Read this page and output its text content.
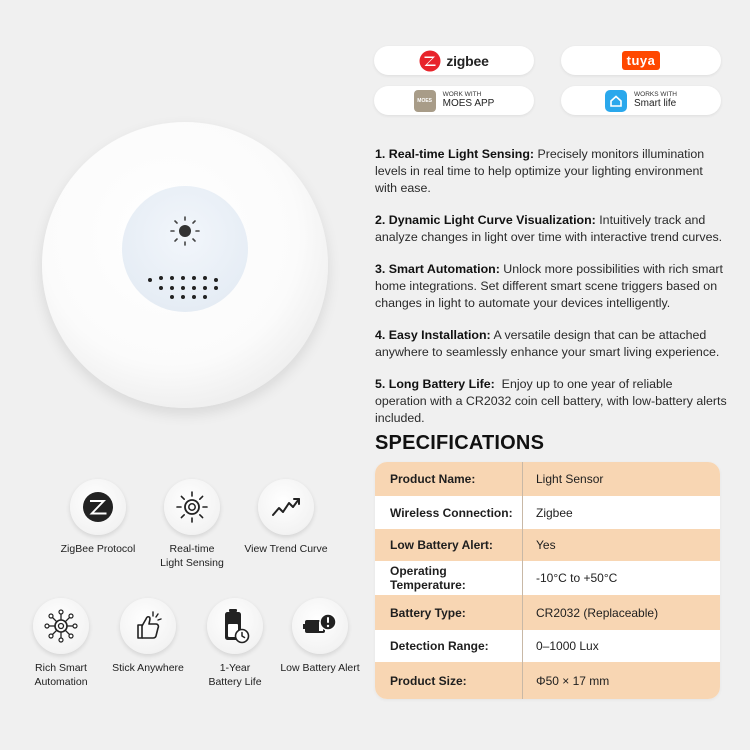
zigbee	tuya
MOES
WORK WITH
MOES APP
WORKS WITH
Smart life
ZigBee Protocol	Real-time
Light Sensing
View Trend Curve
Rich Smart
Automation
Stick Anywhere	1-Year
Battery Life
Low Battery Alert

1. Real-time Light Sensing: Precisely monitors illumination levels in real time to help optimize your lighting environment with ease.

2. Dynamic Light Curve Visualization: Intuitively track and analyze changes in light over time with interactive trend curves.

3. Smart Automation: Unlock more possibilities with rich smart home integrations. Set different smart scene triggers based on changes in light to automate your devices intelligently.

4. Easy Installation: A versatile design that can be attached anywhere to seamlessly enhance your smart living experience.

5. Long Battery Life:  Enjoy up to one year of reliable operation with a CR2032 coin cell battery, with low-battery alerts included.

SPECIFICATIONS
Product Name:	Light Sensor
Wireless Connection:	Zigbee
Low Battery Alert:	Yes
Operating Temperature:	-10°C to +50°C
Battery Type:	CR2032 (Replaceable)
Detection Range:	0–1000 Lux
Product Size:	Φ50 × 17 mm
